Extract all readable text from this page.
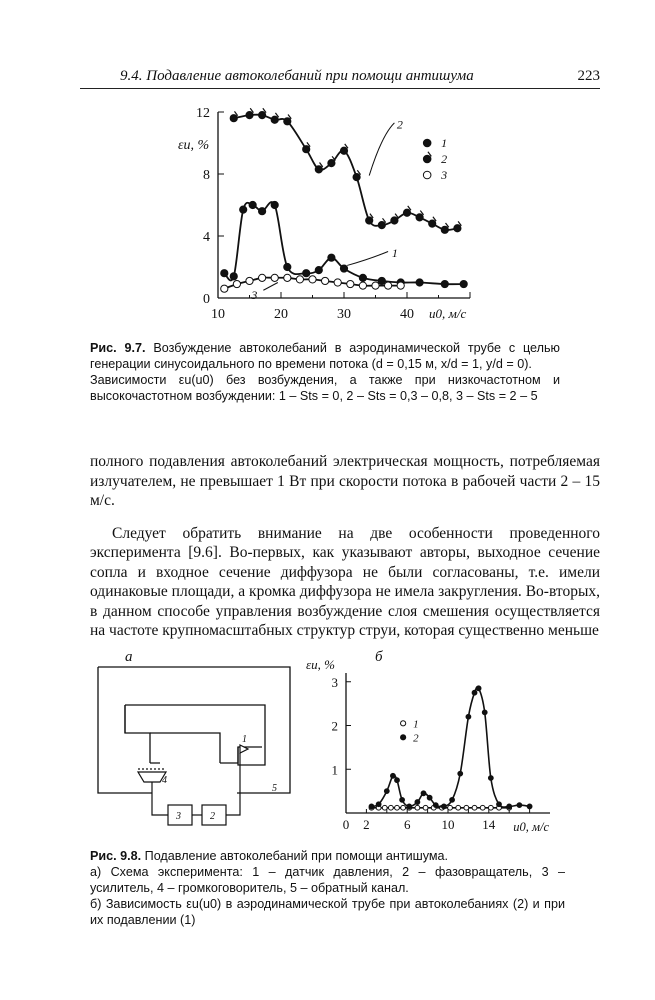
9.4. Подавление автоколебаний при помощи антишума	223
0
4
8
12
10	20	30	40 u0, м/с
εu, %
2
1
3
1
2
3

Рис. 9.7. Возбуждение автоколебаний в аэродинамической трубе с целью генерации синусоидального по времени потока (d = 0,15 м, x/d = 1, y/d = 0).

Зависимости εu(u0) без возбуждения, а также при низкочастотном и высокочастотном возбуждении: 1 – Sts = 0, 2 – Sts = 0,3 – 0,8, 3 – Sts = 2 – 5

полного подавления автоколебаний электрическая мощность, потребляемая излучателем, не превышает 1 Вт при скорости потока в рабочей части 2 – 15 м/с.

Следует обратить внимание на две особенности проведенного эксперимента [9.6]. Во-первых, как указывают авторы, выходное сечение сопла и входное сечение диффузора не были согласованы, т.е. имели одинаковые площади, а кромка диффузора не имела закругления. Во-вторых, в данном способе управления возбуждение слоя смешения осуществляется на частоте крупномасштабных структур струи, которая существенно меньше

а
1
4
3	2
5
б
1
2
3
0 2	6 10 14 u0, м/с
εu, %
1
2

Рис. 9.8. Подавление автоколебаний при помощи антишума.

а) Схема эксперимента: 1 – датчик давления, 2 – фазовращатель, 3 – усилитель, 4 – громкоговоритель, 5 – обратный канал.

б) Зависимость εu(u0) в аэродинамической трубе при автоколебаниях (2) и при их подавлении (1)
